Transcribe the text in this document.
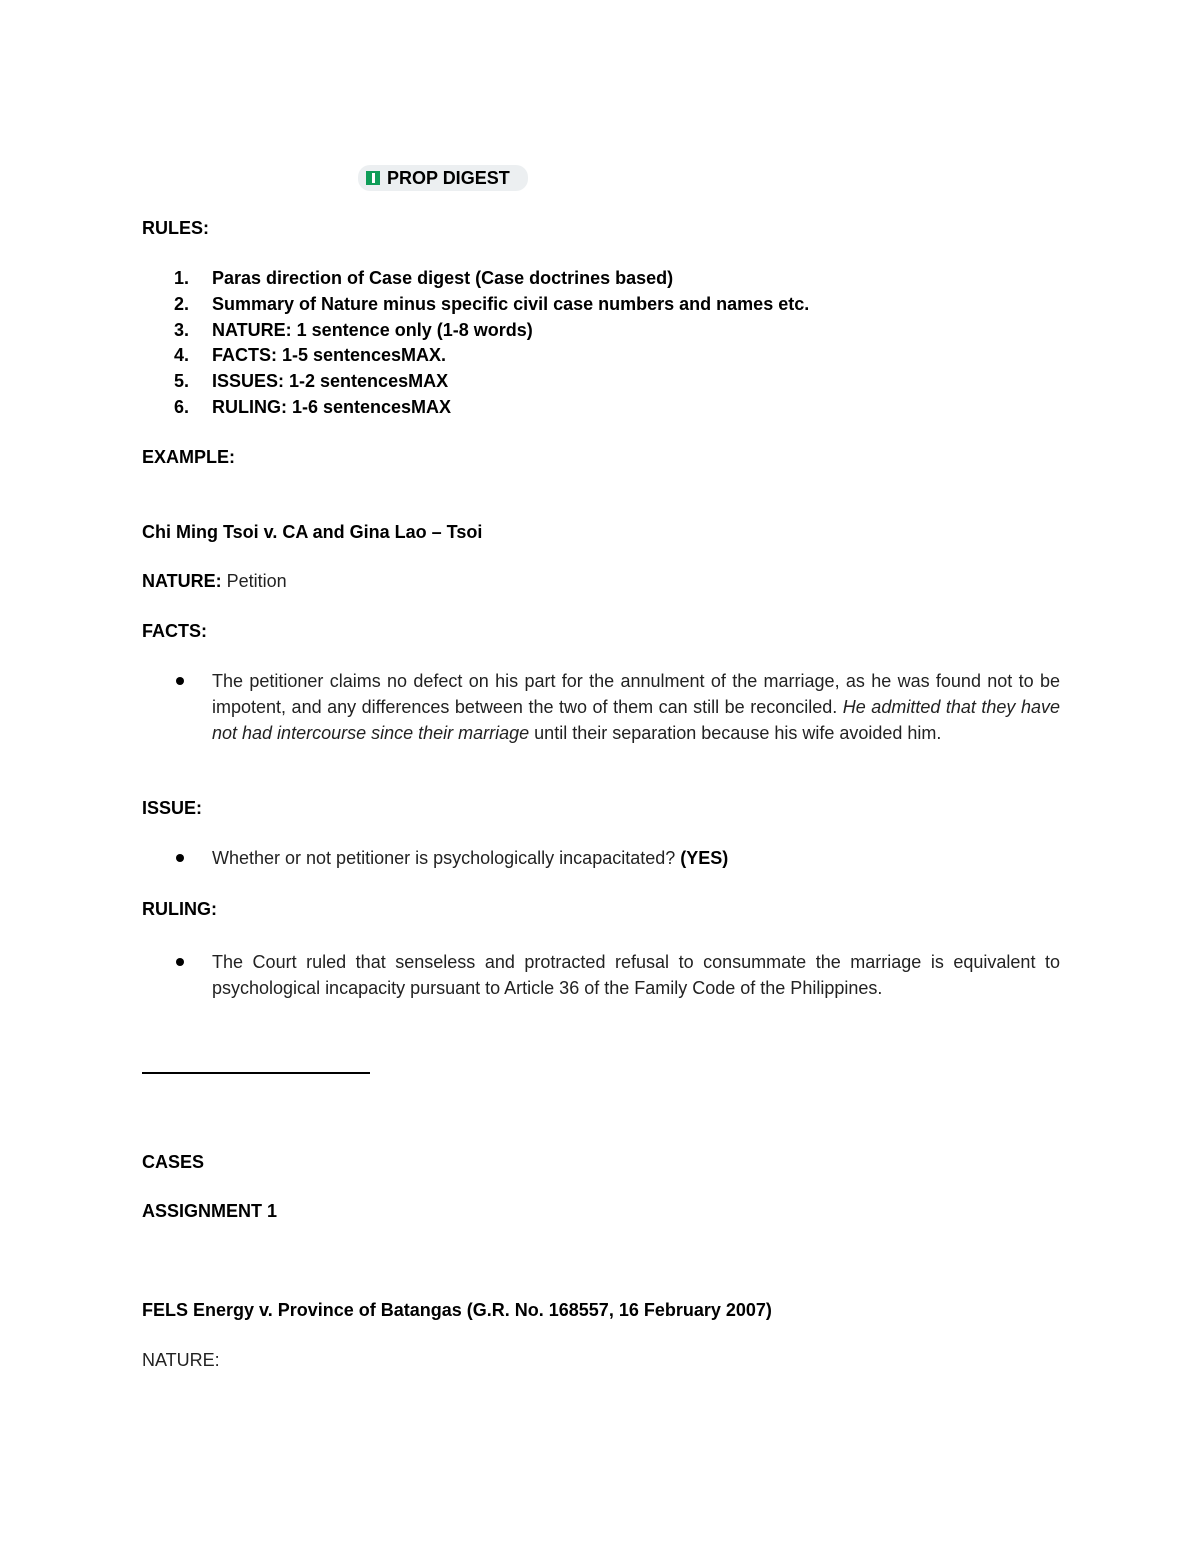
PROP DIGEST
RULES:
1. Paras direction of Case digest (Case doctrines based)
2. Summary of Nature minus specific civil case numbers and names etc.
3. NATURE: 1 sentence only (1-8 words)
4. FACTS: 1-5 sentencesMAX.
5. ISSUES: 1-2 sentencesMAX
6. RULING: 1-6 sentencesMAX
EXAMPLE:
Chi Ming Tsoi v. CA and Gina Lao – Tsoi
NATURE: Petition
FACTS:
The petitioner claims no defect on his part for the annulment of the marriage, as he was found not to be impotent, and any differences between the two of them can still be reconciled. He admitted that they have not had intercourse since their marriage until their separation because his wife avoided him.
ISSUE:
Whether or not petitioner is psychologically incapacitated? (YES)
RULING:
The Court ruled that senseless and protracted refusal to consummate the marriage is equivalent to psychological incapacity pursuant to Article 36 of the Family Code of the Philippines.
CASES
ASSIGNMENT 1
FELS Energy v. Province of Batangas (G.R. No. 168557, 16 February 2007)
NATURE:
